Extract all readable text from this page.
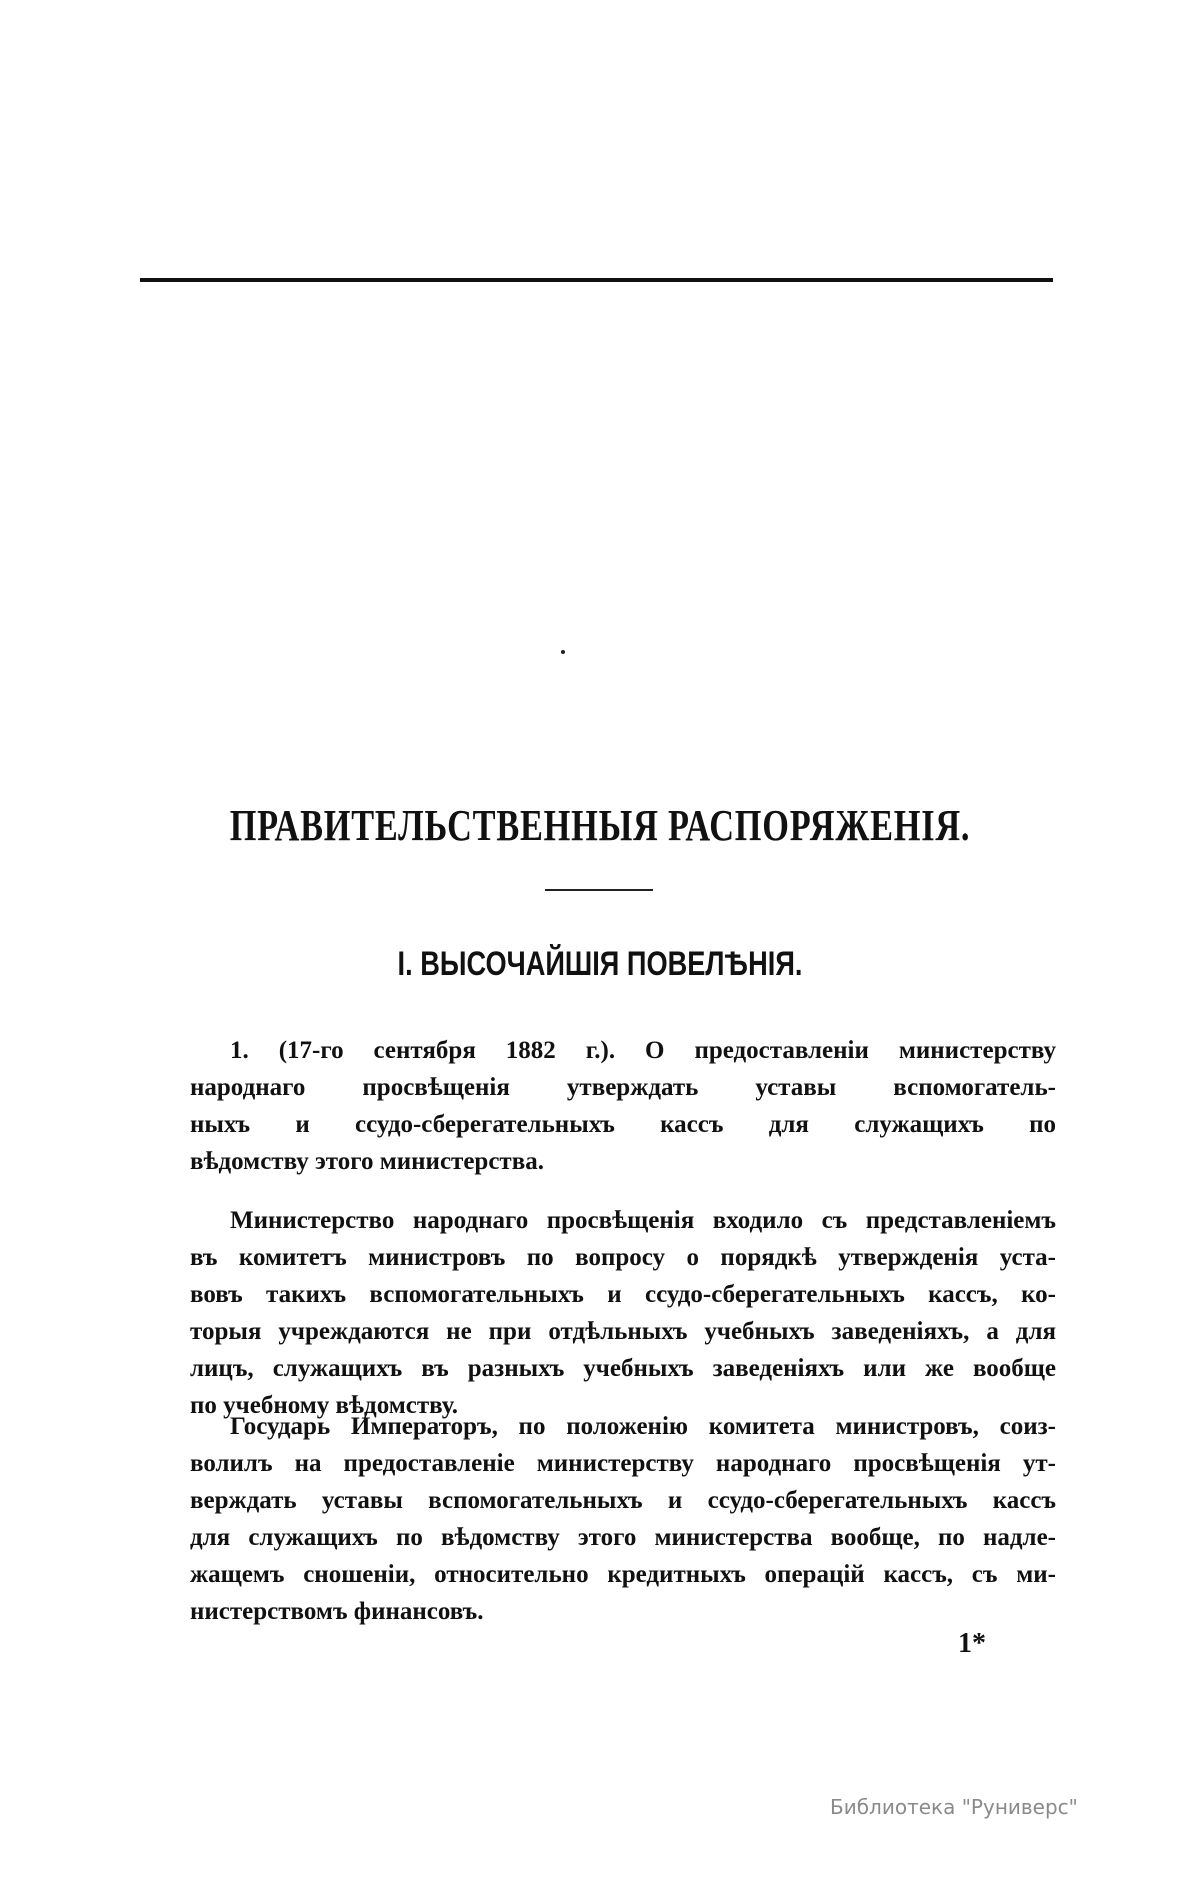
ПРАВИТЕЛЬСТВЕННЫЯ РАСПОРЯЖЕНІЯ.
I. ВЫСОЧАЙШІЯ ПОВЕЛѢНІЯ.
1. (17-го сентября 1882 г.). О предоставленіи министерству
народнаго просвѣщенія утверждать уставы вспомогатель-
ныхъ и ссудо-сберегательныхъ кассъ для служащихъ по
вѣдомству этого министерства.
Министерство народнаго просвѣщенія входило съ представленіемъ
въ комитетъ министровъ по вопросу о порядкѣ утвержденія уста-
вовъ такихъ вспомогательныхъ и ссудо-сберегательныхъ кассъ, ко-
торыя учреждаются не при отдѣльныхъ учебныхъ заведеніяхъ, а для
лицъ, служащихъ въ разныхъ учебныхъ заведеніяхъ или же вообще
по учебному вѣдомству.
Государь Императоръ, по положенію комитета министровъ, соиз-
волилъ на предоставленіе министерству народнаго просвѣщенія ут-
верждать уставы вспомогательныхъ и ссудо-сберегательныхъ кассъ
для служащихъ по вѣдомству этого министерства вообще, по надле-
жащемъ сношеніи, относительно кредитныхъ операцій кассъ, съ ми-
нистерствомъ финансовъ.
1*
Библиотека "Руниверс"
